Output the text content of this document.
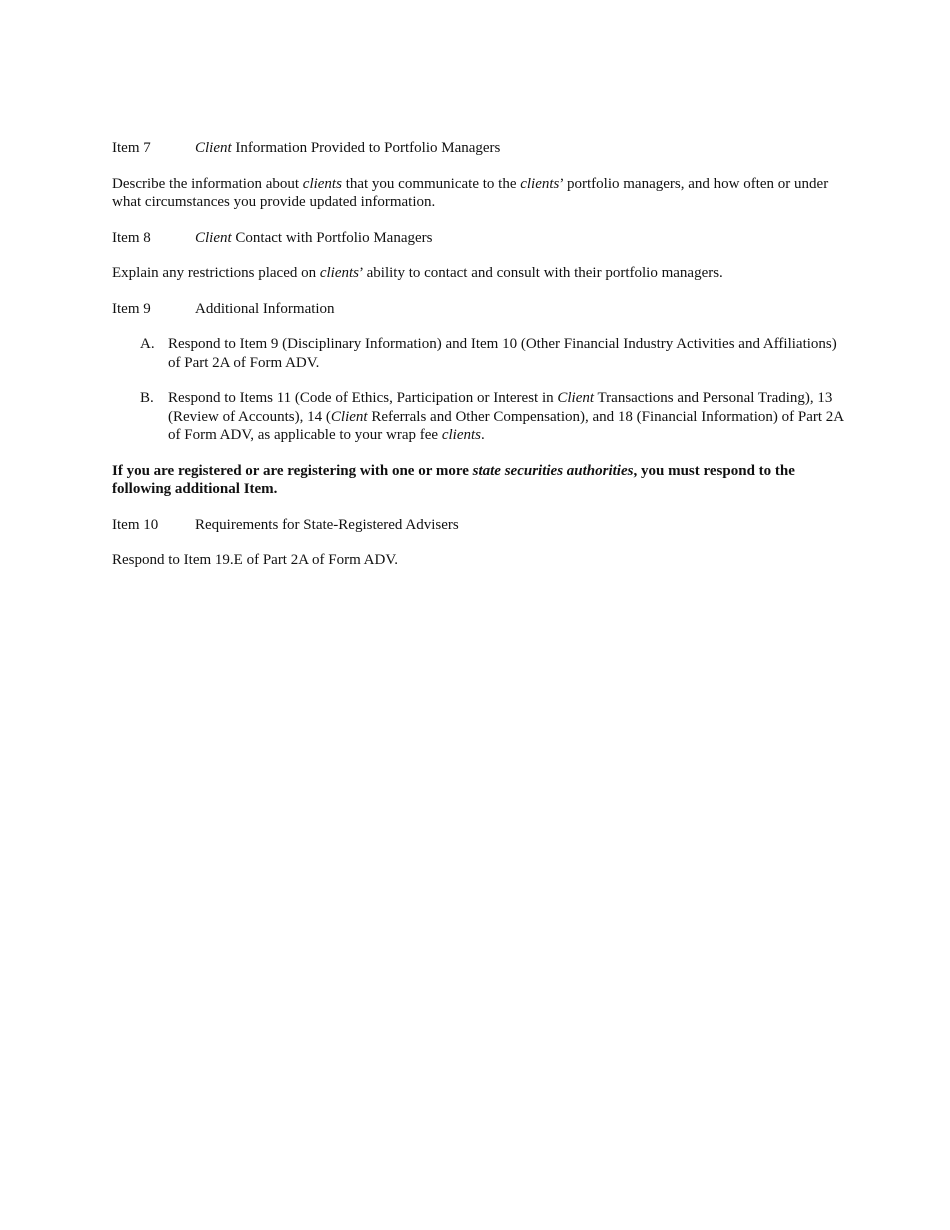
Item 7	Client Information Provided to Portfolio Managers
Describe the information about clients that you communicate to the clients’ portfolio managers, and how often or under what circumstances you provide updated information.
Item 8	Client Contact with Portfolio Managers
Explain any restrictions placed on clients’ ability to contact and consult with their portfolio managers.
Item 9	Additional Information
A. Respond to Item 9 (Disciplinary Information) and Item 10 (Other Financial Industry Activities and Affiliations) of Part 2A of Form ADV.
B. Respond to Items 11 (Code of Ethics, Participation or Interest in Client Transactions and Personal Trading), 13 (Review of Accounts), 14 (Client Referrals and Other Compensation), and 18 (Financial Information) of Part 2A of Form ADV, as applicable to your wrap fee clients.
If you are registered or are registering with one or more state securities authorities, you must respond to the following additional Item.
Item 10	Requirements for State-Registered Advisers
Respond to Item 19.E of Part 2A of Form ADV.
